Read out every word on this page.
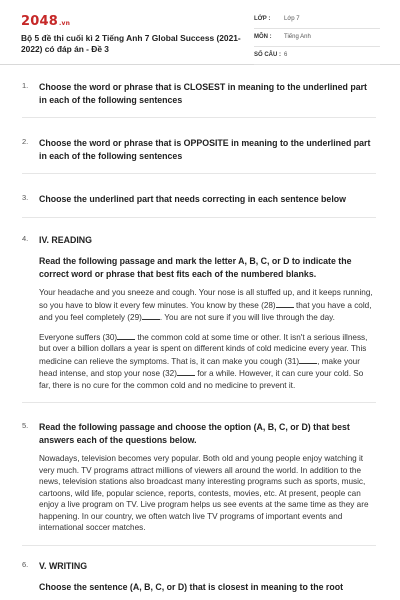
2048.vn
Bộ 5 đề thi cuối kì 2 Tiếng Anh 7 Global Success (2021-2022) có đáp án - Đề 3
LỚP : Lớp 7
MÔN : Tiếng Anh
SỐ CÂU : 6
1. Choose the word or phrase that is CLOSEST in meaning to the underlined part in each of the following sentences
2. Choose the word or phrase that is OPPOSITE in meaning to the underlined part in each of the following sentences
3. Choose the underlined part that needs correcting in each sentence below
4. IV. READING
Read the following passage and mark the letter A, B, C, or D to indicate the correct word or phrase that best fits each of the numbered blanks.
Your headache and you sneeze and cough. Your nose is all stuffed up, and it keeps running, so you have to blow it every few minutes. You know by these (28) that you have a cold, and you feel completely (29) . You are not sure if you will live through the day.
Everyone suffers (30) the common cold at some time or other. It isn't a serious illness, but over a billion dollars a year is spent on different kinds of cold medicine every year. This medicine can relieve the symptoms. That is, it can make you cough (31) , make your head intense, and stop your nose (32) for a while. However, it can cure your cold. So far, there is no cure for the common cold and no medicine to prevent it.
5. Read the following passage and choose the option (A, B, C, or D) that best answers each of the questions below.
Nowadays, television becomes very popular. Both old and young people enjoy watching it very much. TV programs attract millions of viewers all around the world. In addition to the news, television stations also broadcast many interesting programs such as sports, music, cartoons, wild life, popular science, reports, contests, movies, etc. At present, people can enjoy a live program on TV. Live program helps us see events at the same time as they are happening. In our country, we often watch live TV programs of important events and international soccer matches.
6. V. WRITING
Choose the sentence (A, B, C, or D) that is closest in meaning to the root
